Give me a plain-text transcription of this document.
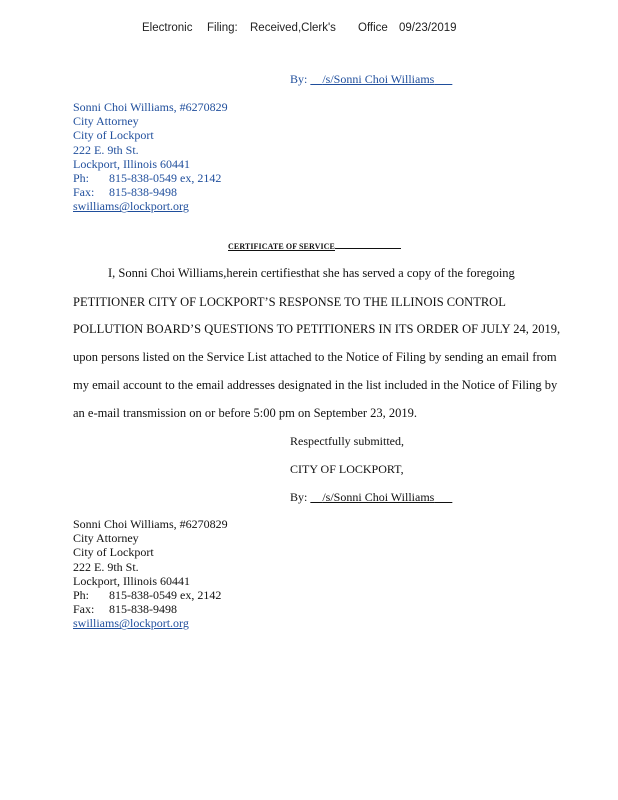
Electronic Filing: Received,Clerk's Office 09/23/2019
By: /s/Sonni Choi Williams
Sonni Choi Williams, #6270829
City Attorney
City of Lockport
222 E. 9th St.
Lockport, Illinois 60441
Ph: 815-838-0549 ex, 2142
Fax: 815-838-9498
swilliams@lockport.org
CERTIFICATE OF SERVICE
I, Sonni Choi Williams,herein certifiesthat she has served a copy of the foregoing
PETITIONER CITY OF LOCKPORT’S RESPONSE TO THE ILLINOIS CONTROL
POLLUTION BOARD’S QUESTIONS TO PETITIONERS IN ITS ORDER OF JULY 24, 2019,
upon persons listed on the Service List attached to the Notice of Filing by sending an email from
my email account to the email addresses designated in the list included in the Notice of Filing by
an e-mail transmission on or before 5:00 pm on September 23, 2019.
Respectfully submitted,
CITY OF LOCKPORT,
By: /s/Sonni Choi Williams
Sonni Choi Williams, #6270829
City Attorney
City of Lockport
222 E. 9th St.
Lockport, Illinois 60441
Ph: 815-838-0549 ex, 2142
Fax: 815-838-9498
swilliams@lockport.org
